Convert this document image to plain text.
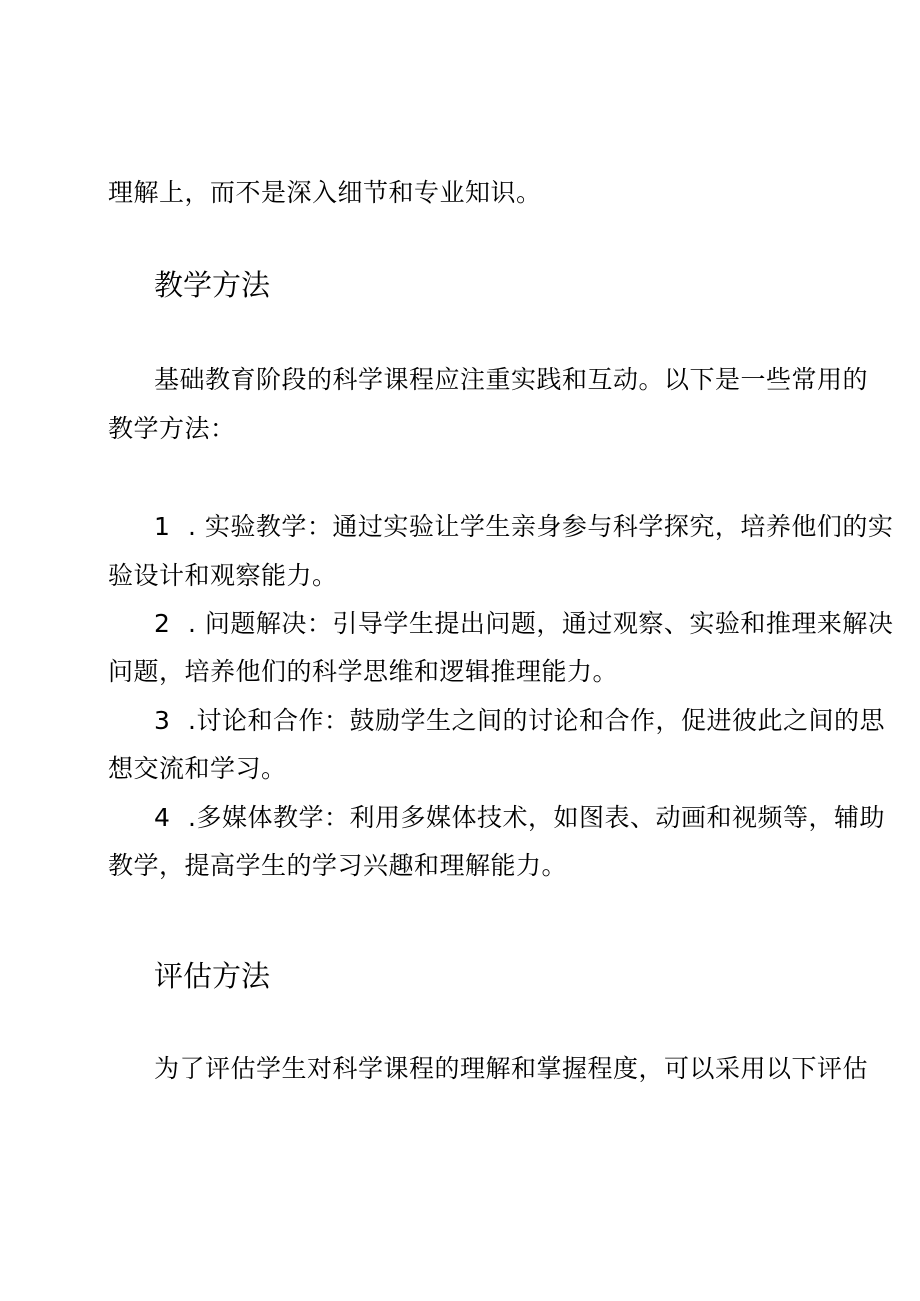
理解上，而不是深入细节和专业知识。
教学方法
基础教育阶段的科学课程应注重实践和互动。以下是一些常用的
教学方法：
1 . 实验教学：通过实验让学生亲身参与科学探究，培养他们的实
验设计和观察能力。
2 . 问题解决：引导学生提出问题，通过观察、实验和推理来解决
问题，培养他们的科学思维和逻辑推理能力。
3 .讨论和合作：鼓励学生之间的讨论和合作，促进彼此之间的思
想交流和学习。
4 .多媒体教学：利用多媒体技术，如图表、动画和视频等，辅助
教学，提高学生的学习兴趣和理解能力。
评估方法
为了评估学生对科学课程的理解和掌握程度，可以采用以下评估
